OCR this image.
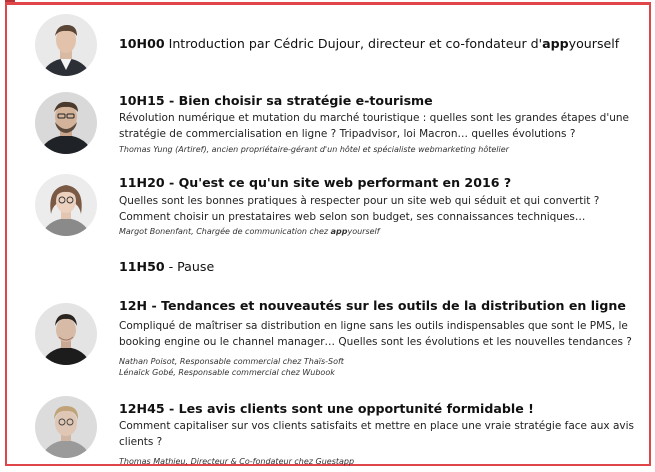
10H00 Introduction par Cédric Dujour, directeur et co-fondateur d'appyourself
10H15 - Bien choisir sa stratégie e-tourisme
Révolution numérique et mutation du marché touristique : quelles sont les grandes étapes d'une stratégie de commercialisation en ligne ? Tripadvisor, loi Macron… quelles évolutions ?
Thomas Yung (Artiref), ancien propriétaire-gérant d'un hôtel et spécialiste webmarketing hôtelier
11H20 - Qu'est ce qu'un site web performant en 2016 ?
Quelles sont les bonnes pratiques à respecter pour un site web qui séduit et qui convertit ?
Comment choisir un prestataires web selon son budget, ses connaissances techniques…
Margot Bonenfant, Chargée de communication chez appyourself
11H50 - Pause
12H - Tendances et nouveautés sur les outils de la distribution en ligne
Compliqué de maîtriser sa distribution en ligne sans les outils indispensables que sont le PMS, le booking engine ou le channel manager… Quelles sont les évolutions et les nouvelles tendances ?
Nathan Poisot, Responsable commercial chez Thaïs-Soft
Lénaïck Gobé, Responsable commercial chez Wubook
12H45 - Les avis clients sont une opportunité formidable !
Comment capitaliser sur vos clients satisfaits et mettre en place une vraie stratégie face aux avis clients ?
Thomas Mathieu, Directeur & Co-fondateur chez Guestapp
